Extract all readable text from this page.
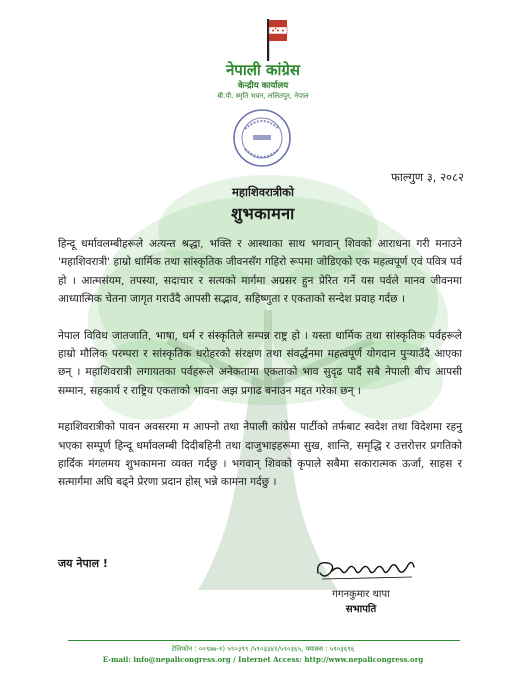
नेपाली कांग्रेस
केन्द्रीय कार्यालय
बी.पी. स्मृति भवन, ललितपुर, नेपाल
फाल्गुण ३, २०८२
महाशिवरात्रीको
शुभकामना

हिन्दू धर्मावलम्बीहरूले अत्यन्त श्रद्धा, भक्ति र आस्थाका साथ भगवान् शिवको आराधना गरी मनाउने 'महाशिवरात्री' हाम्रो धार्मिक तथा सांस्कृतिक जीवनसँग गहिरो रूपमा जोडिएको एक महत्वपूर्ण एवं पवित्र पर्व हो । आत्मसंयम, तपस्या, सदाचार र सत्यको मार्गमा अग्रसर हुन प्रेरित गर्ने यस पर्वले मानव जीवनमा आध्यात्मिक चेतना जागृत गराउँदै आपसी सद्भाव, सहिष्णुता र एकताको सन्देश प्रवाह गर्दछ ।

नेपाल विविध जातजाति, भाषा, धर्म र संस्कृतिले सम्पन्न राष्ट्र हो । यस्ता धार्मिक तथा सांस्कृतिक पर्वहरूले हाम्रो मौलिक परम्परा र सांस्कृतिक धरोहरको संरक्षण तथा संवर्द्धनमा महत्वपूर्ण योगदान पुऱ्याउँदै आएका छन् । महाशिवरात्री लगायतका पर्वहरूले अनेकतामा एकताको भाव सुदृढ पार्दै सबै नेपाली बीच आपसी सम्मान, सहकार्य र राष्ट्रिय एकताको भावना अझ प्रगाढ बनाउन मद्दत गरेका छन् ।

महाशिवरात्रीको पावन अवसरमा म आफ्नो तथा नेपाली कांग्रेस पार्टीको तर्फबाट स्वदेश तथा विदेशमा रहनु भएका सम्पूर्ण हिन्दू धर्मावलम्बी दिदीबहिनी तथा दाजुभाइहरूमा सुख, शान्ति, समृद्धि र उत्तरोत्तर प्रगतिको हार्दिक मंगलमय शुभकामना व्यक्त गर्दछु । भगवान् शिवको कृपाले सबैमा सकारात्मक ऊर्जा, साहस र सत्मार्गमा अघि बढ्ने प्रेरणा प्रदान होस् भन्ने कामना गर्दछु ।

जय नेपाल !
गगनकुमार थापा
सभापति
टेलिफोन : ००९७७-१) ५९०३९९ /५९०३३४१/५९०३६५, फ्याक्स : ५९०३६९६
E-mail: info@nepalicongress.org / Internet Access: http://www.nepalicongress.org
